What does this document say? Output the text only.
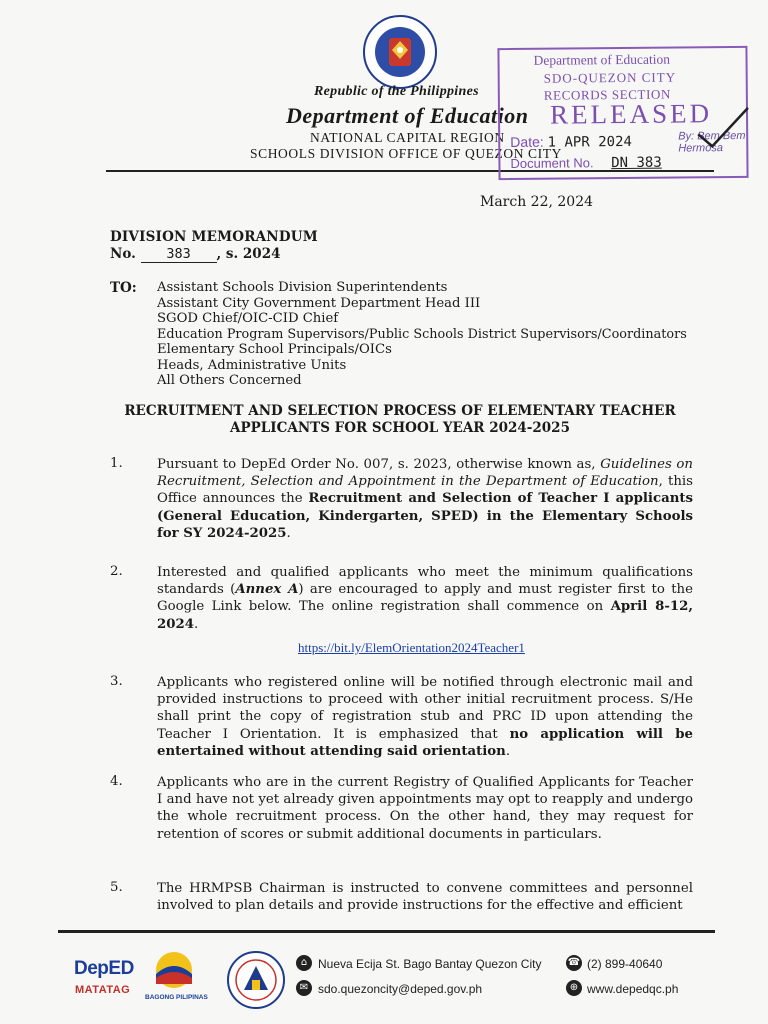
Republic of the Philippines
Department of Education
NATIONAL CAPITAL REGION
SCHOOLS DIVISION OFFICE OF QUEZON CITY
Department of Education
SDO-QUEZON CITY
RECORDS SECTION
RELEASED
Date: 1 APR 2024	By: Bem Bem Hermosa
Document No. DN 383
March 22, 2024
DIVISION MEMORANDUM
No. 383 , s. 2024
TO: Assistant Schools Division Superintendents
Assistant City Government Department Head III
SGOD Chief/OIC-CID Chief
Education Program Supervisors/Public Schools District Supervisors/Coordinators
Elementary School Principals/OICs
Heads, Administrative Units
All Others Concerned
RECRUITMENT AND SELECTION PROCESS OF ELEMENTARY TEACHER
APPLICANTS FOR SCHOOL YEAR 2024-2025
1.	Pursuant to DepEd Order No. 007, s. 2023, otherwise known as, Guidelines on Recruitment, Selection and Appointment in the Department of Education, this Office announces the Recruitment and Selection of Teacher I applicants (General Education, Kindergarten, SPED) in the Elementary Schools for SY 2024-2025.
2.	Interested and qualified applicants who meet the minimum qualifications standards (Annex A) are encouraged to apply and must register first to the Google Link below. The online registration shall commence on April 8-12, 2024.
https://bit.ly/ElemOrientation2024Teacher1
3.	Applicants who registered online will be notified through electronic mail and provided instructions to proceed with other initial recruitment process. S/He shall print the copy of registration stub and PRC ID upon attending the Teacher I Orientation. It is emphasized that no application will be entertained without attending said orientation.
4.	Applicants who are in the current Registry of Qualified Applicants for Teacher I and have not yet already given appointments may opt to reapply and undergo the whole recruitment process. On the other hand, they may request for retention of scores or submit additional documents in particulars.
5.	The HRMPSB Chairman is instructed to convene committees and personnel involved to plan details and provide instructions for the effective and efficient
DepED
MATATAG
BAGONG PILIPINAS
⌂ Nueva Ecija St. Bago Bantay Quezon City
✉ sdo.quezoncity@deped.gov.ph
☎ (2) 899-40640
⊕ www.depedqc.ph
